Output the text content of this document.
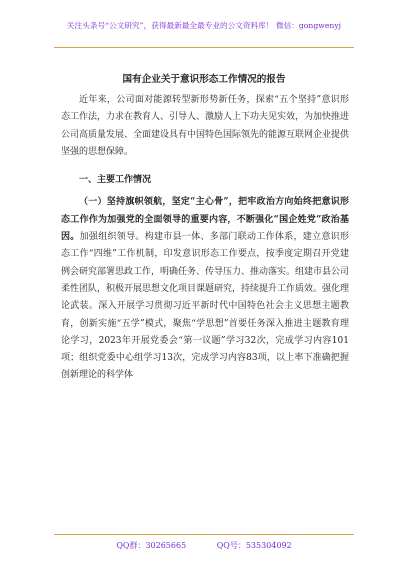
关注头条号“公文研究”，获得最新最全最专业的公文资料库！ 微信：gongwenyj
国有企业关于意识形态工作情况的报告

近年来，公司面对能源转型新形势新任务，探索“五个坚持”意识形态工作法，力求在教育人、引导人、激励人上下功夫见实效，为加快推进公司高质量发展、全面建设具有中国特色国际领先的能源互联网企业提供坚强的思想保障。

一、主要工作情况

（一）坚持旗帜领航，坚定“主心骨”，把牢政治方向始终把意识形态工作作为加强党的全面领导的重要内容，不断强化“国企姓党”政治基因。加强组织领导。构建市县一体、多部门联动工作体系，建立意识形态工作“四维”工作机制，印发意识形态工作要点，按季度定期召开党建例会研究部署思政工作，明确任务、传导压力、推动落实。组建市县公司柔性团队，积极开展思想文化项目课题研究，持续提升工作质效。强化理论武装。深入开展学习贯彻习近平新时代中国特色社会主义思想主题教育，创新实施“五学”模式，聚焦“学思想”首要任务深入推进主题教育理论学习，2023年开展党委会“第一议题”学习32次，完成学习内容101项；组织党委中心组学习13次，完成学习内容83项，以上率下准确把握创新理论的科学体

QQ群：30265665	QQ号：535304092
